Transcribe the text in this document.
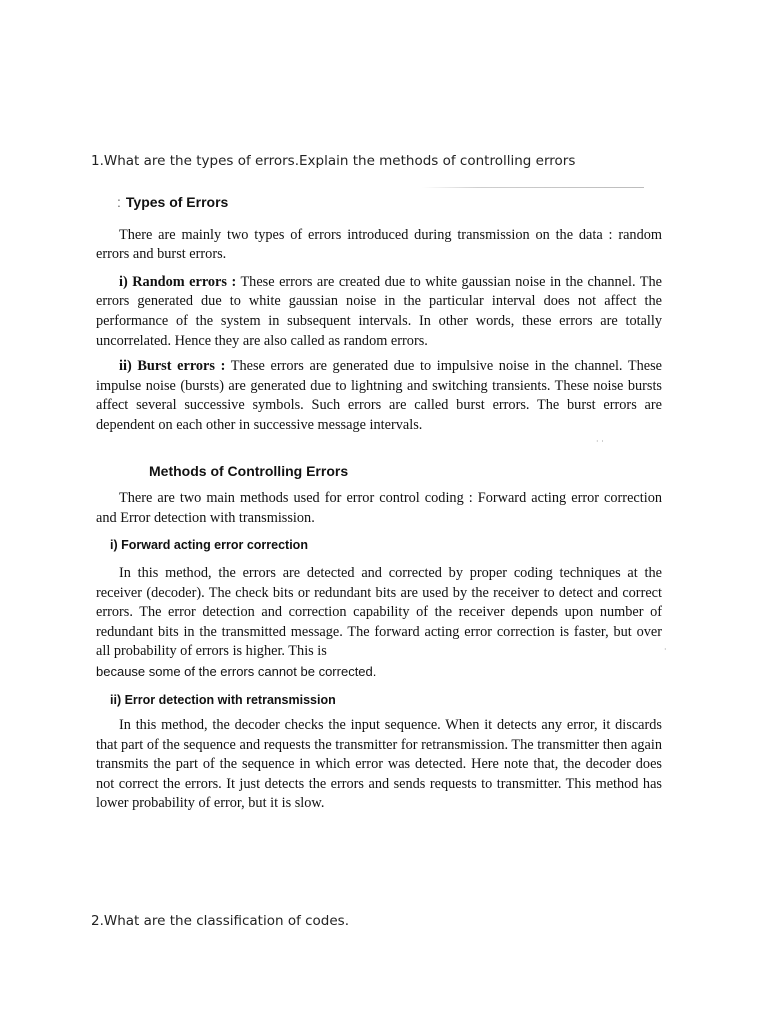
1.What are the types of errors.Explain the methods of controlling errors
: Types of Errors

There are mainly two types of errors introduced during transmission on the data : random errors and burst errors.

i) Random errors : These errors are created due to white gaussian noise in the channel. The errors generated due to white gaussian noise in the particular interval does not affect the performance of the system in subsequent intervals. In other words, these errors are totally uncorrelated. Hence they are also called as random errors.

ii) Burst errors : These errors are generated due to impulsive noise in the channel. These impulse noise (bursts) are generated due to lightning and switching transients. These noise bursts affect several successive symbols. Such errors are called burst errors. The burst errors are dependent on each other in successive message intervals.

Methods of Controlling Errors

There are two main methods used for error control coding : Forward acting error correction and Error detection with transmission.

i) Forward acting error correction

In this method, the errors are detected and corrected by proper coding techniques at the receiver (decoder). The check bits or redundant bits are used by the receiver to detect and correct errors. The error detection and correction capability of the receiver depends upon number of redundant bits in the transmitted message. The forward acting error correction is faster, but over all probability of errors is higher. This is

because some of the errors cannot be corrected.

ii) Error detection with retransmission

In this method, the decoder checks the input sequence. When it detects any error, it discards that part of the sequence and requests the transmitter for retransmission. The transmitter then again transmits the part of the sequence in which error was detected. Here note that, the decoder does not correct the errors. It just detects the errors and sends requests to transmitter. This method has lower probability of error, but it is slow.

· ·
·
2.What are the classification of codes.
